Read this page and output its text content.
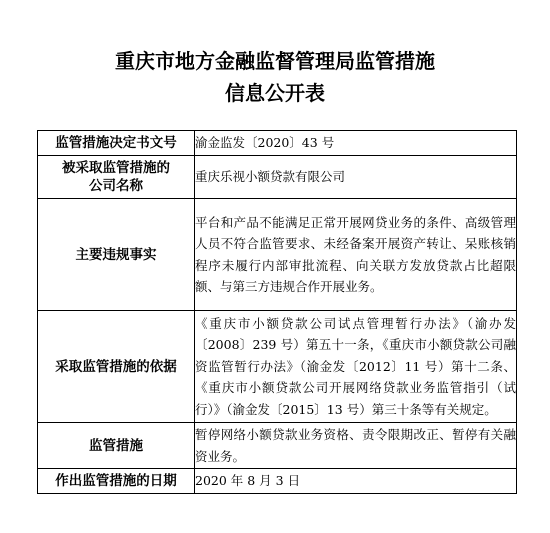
重庆市地方金融监督管理局监管措施
信息公开表
监管措施决定书文号	渝金监发〔2020〕43 号

被采取监管措施的
公司名称	重庆乐视小额贷款有限公司

主要违规事实	平台和产品不能满足正常开展网贷业务的条件、高级管理人员不符合监管要求、未经备案开展资产转让、呆账核销程序未履行内部审批流程、向关联方发放贷款占比超限额、与第三方违规合作开展业务。

采取监管措施的依据	《重庆市小额贷款公司试点管理暂行办法》（渝办发〔2008〕239 号）第五十一条，《重庆市小额贷款公司融资监管暂行办法》（渝金发〔2012〕11 号）第十二条、《重庆市小额贷款公司开展网络贷款业务监管指引（试行）》（渝金发〔2015〕13 号）第三十条等有关规定。

监管措施	暂停网络小额贷款业务资格、责令限期改正、暂停有关融资业务。

作出监管措施的日期	2020 年 8 月 3 日
